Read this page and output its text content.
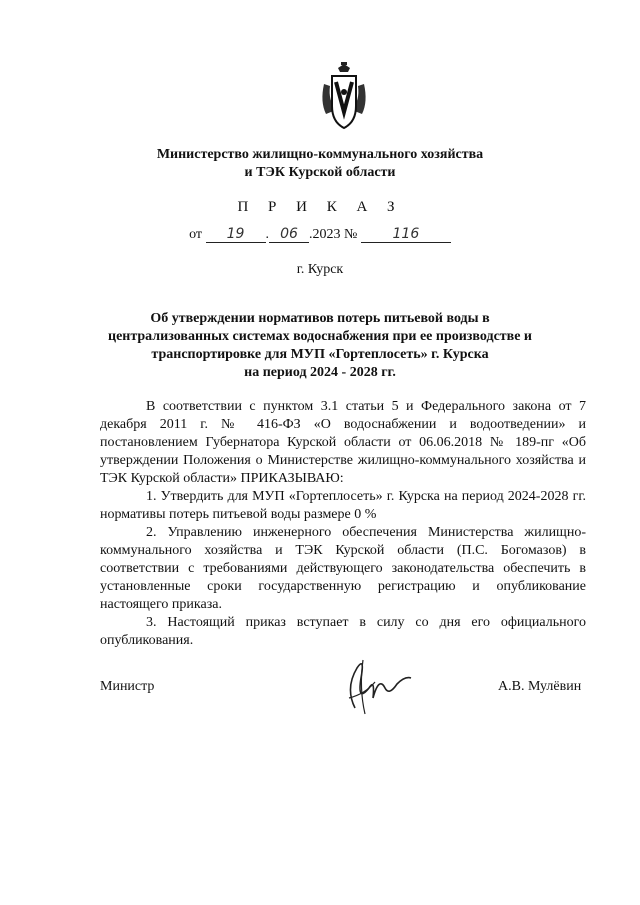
Министерство жилищно-коммунального хозяйства
и ТЭК Курской области
П Р И К А З
от 19 . 06 .2023 №	116
г. Курск
Об утверждении нормативов потерь питьевой воды в
централизованных системах водоснабжения при ее производстве и
транспортировке для МУП «Гортеплосеть» г. Курска
на период 2024 - 2028 гг.

В соответствии с пунктом 3.1 статьи 5 и Федерального закона от 7 декабря 2011 г. № 416-ФЗ «О водоснабжении и водоотведении» и постановлением Губернатора Курской области от 06.06.2018 № 189-пг «Об утверждении Положения о Министерстве жилищно-коммунального хозяйства и ТЭК Курской области» ПРИКАЗЫВАЮ:

1. Утвердить для МУП «Гортеплосеть» г. Курска на период 2024-2028 гг. нормативы потерь питьевой воды размере 0 %

2. Управлению инженерного обеспечения Министерства жилищно-коммунального хозяйства и ТЭК Курской области (П.С. Богомазов) в соответствии с требованиями действующего законодательства обеспечить в установленные сроки государственную регистрацию и опубликование настоящего приказа.

3. Настоящий приказ вступает в силу со дня его официального опубликования.

Министр	А.В. Мулёвин
